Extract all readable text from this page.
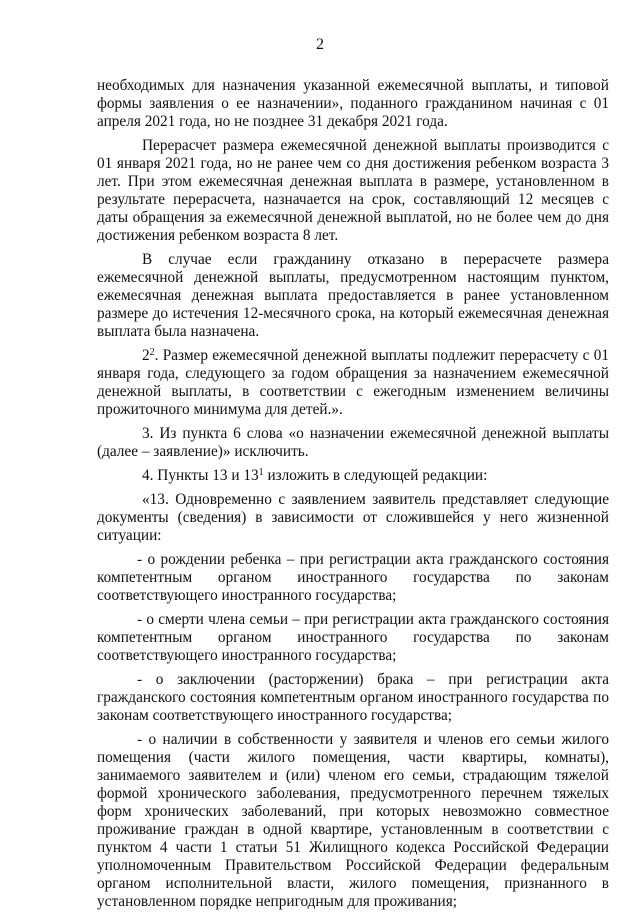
2

необходимых для назначения указанной ежемесячной выплаты, и типовой формы заявления о ее назначении», поданного гражданином начиная с 01 апреля 2021 года, но не позднее 31 декабря 2021 года.

Перерасчет размера ежемесячной денежной выплаты производится с 01 января 2021 года, но не ранее чем со дня достижения ребенком возраста 3 лет. При этом ежемесячная денежная выплата в размере, установленном в результате перерасчета, назначается на срок, составляющий 12 месяцев с даты обращения за ежемесячной денежной выплатой, но не более чем до дня достижения ребенком возраста 8 лет.

В случае если гражданину отказано в перерасчете размера ежемесячной денежной выплаты, предусмотренном настоящим пунктом, ежемесячная денежная выплата предоставляется в ранее установленном размере до истечения 12-месячного срока, на который ежемесячная денежная выплата была назначена.

$2^2$. Размер ежемесячной денежной выплаты подлежит перерасчету с 01 января года, следующего за годом обращения за назначением ежемесячной денежной выплаты, в соответствии с ежегодным изменением величины прожиточного минимума для детей.».

3. Из пункта 6 слова «о назначении ежемесячной денежной выплаты (далее – заявление)» исключить.

4. Пункты 13 и $13^1$ изложить в следующей редакции:

«13. Одновременно с заявлением заявитель представляет следующие документы (сведения) в зависимости от сложившейся у него жизненной ситуации:

- о рождении ребенка – при регистрации акта гражданского состояния компетентным органом иностранного государства по законам соответствующего иностранного государства;

- о смерти члена семьи – при регистрации акта гражданского состояния компетентным органом иностранного государства по законам соответствующего иностранного государства;

- о заключении (расторжении) брака – при регистрации акта гражданского состояния компетентным органом иностранного государства по законам соответствующего иностранного государства;

- о наличии в собственности у заявителя и членов его семьи жилого помещения (части жилого помещения, части квартиры, комнаты), занимаемого заявителем и (или) членом его семьи, страдающим тяжелой формой хронического заболевания, предусмотренного перечнем тяжелых форм хронических заболеваний, при которых невозможно совместное проживание граждан в одной квартире, установленным в соответствии с пунктом 4 части 1 статьи 51 Жилищного кодекса Российской Федерации уполномоченным Правительством Российской Федерации федеральным органом исполнительной власти, жилого помещения, признанного в установленном порядке непригодным для проживания;
